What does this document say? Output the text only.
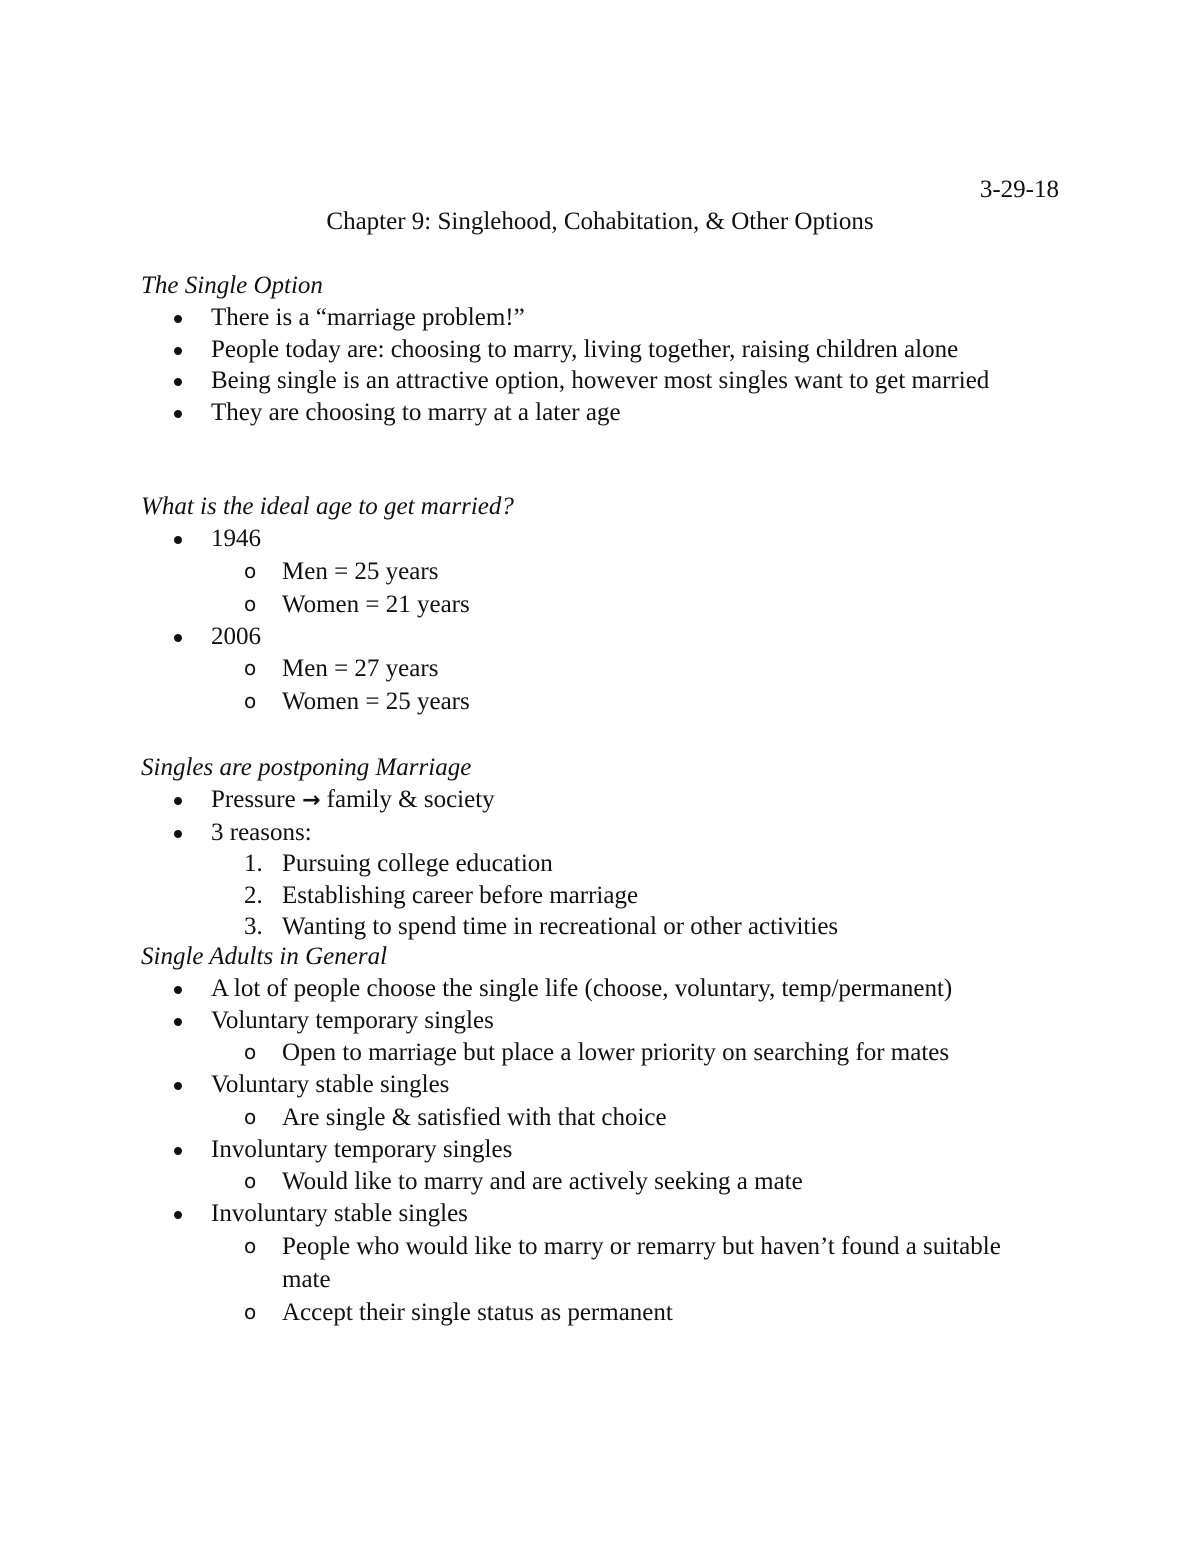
3-29-18
Chapter 9: Singlehood, Cohabitation, & Other Options

The Single Option

There is a “marriage problem!”
People today are: choosing to marry, living together, raising children alone
Being single is an attractive option, however most singles want to get married
They are choosing to marry at a later age

What is the ideal age to get married?

1946
o Men = 25 years
o Women = 21 years
2006
o Men = 27 years
o Women = 25 years

Singles are postponing Marriage

Pressure → family & society
3 reasons:
1. Pursuing college education
2. Establishing career before marriage
3. Wanting to spend time in recreational or other activities

Single Adults in General

A lot of people choose the single life (choose, voluntary, temp/permanent)
Voluntary temporary singles
o Open to marriage but place a lower priority on searching for mates
Voluntary stable singles
o Are single & satisfied with that choice
Involuntary temporary singles
o Would like to marry and are actively seeking a mate
Involuntary stable singles
o People who would like to marry or remarry but haven’t found a suitable mate
o Accept their single status as permanent
